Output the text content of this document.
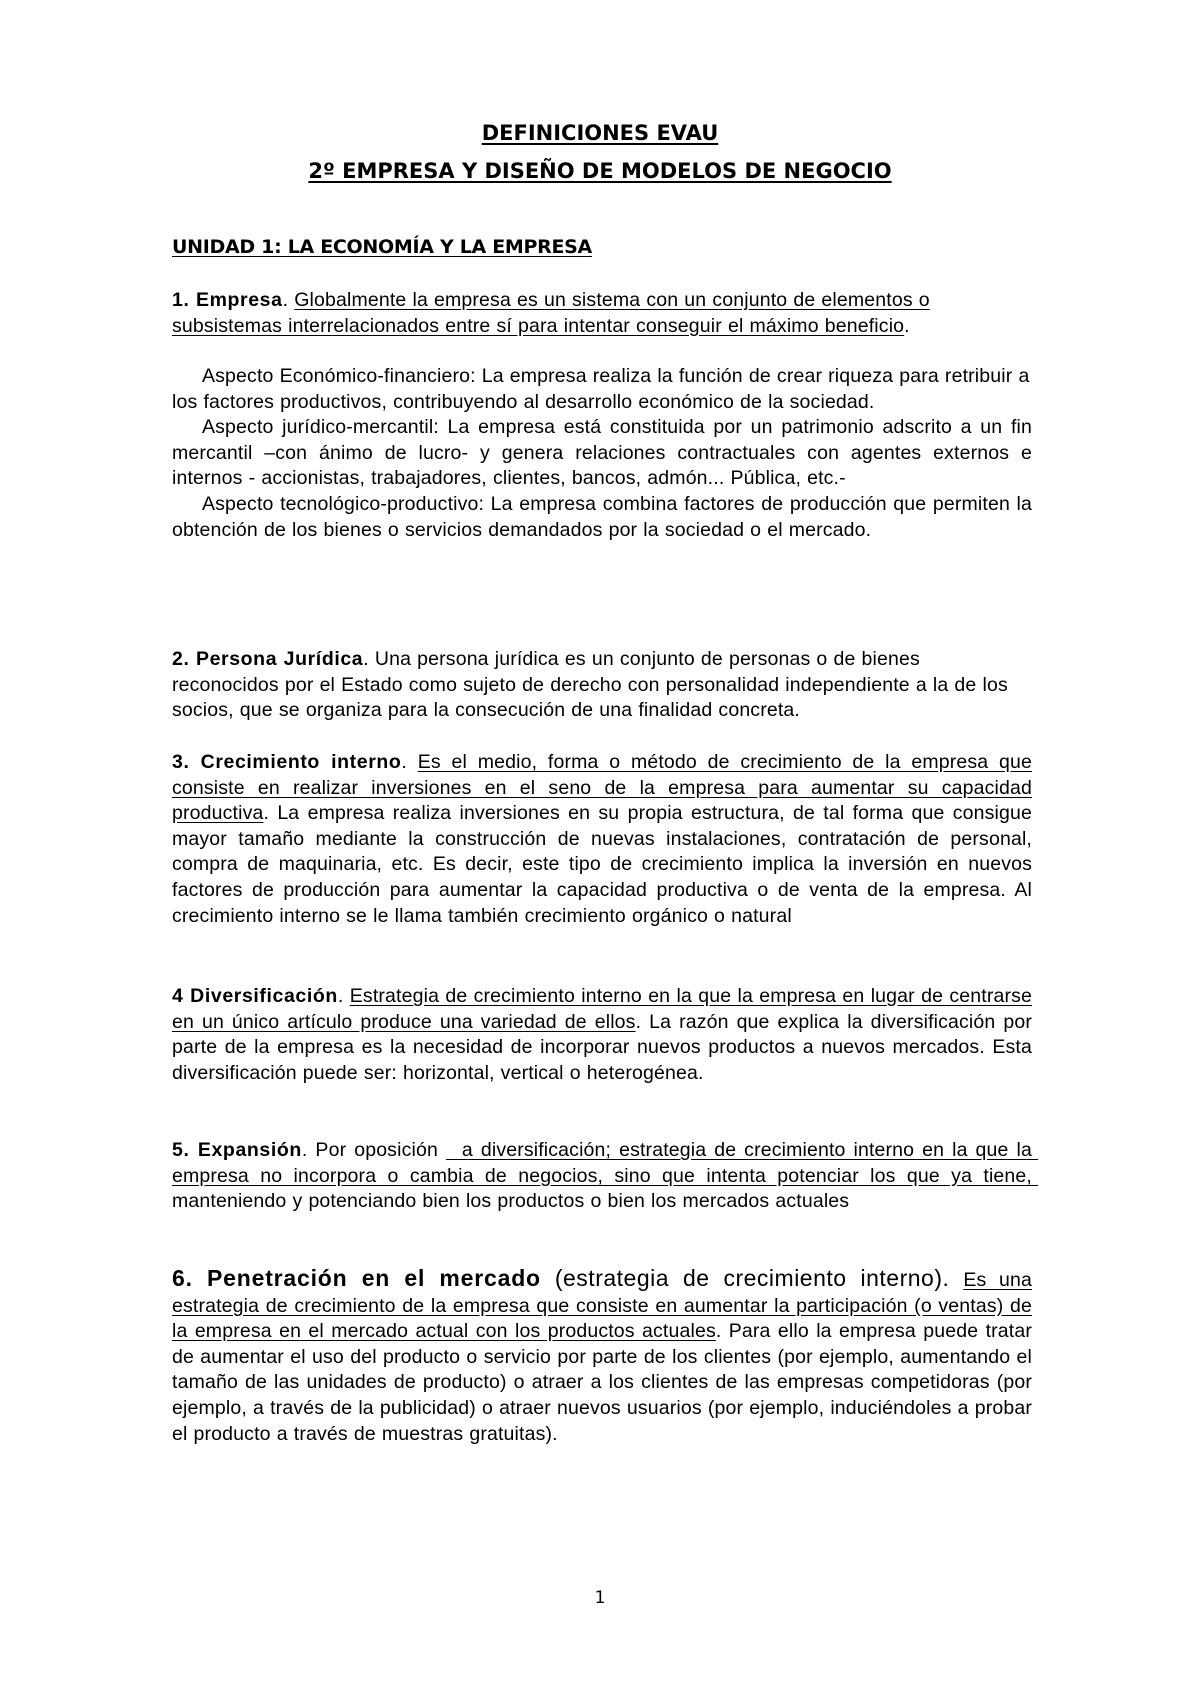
DEFINICIONES EVAU
2º EMPRESA Y DISEÑO DE MODELOS DE NEGOCIO
UNIDAD 1: LA ECONOMÍA Y LA EMPRESA
1. Empresa. Globalmente la empresa es un sistema con un conjunto de elementos o subsistemas interrelacionados entre sí para intentar conseguir el máximo beneficio.
Aspecto Económico-financiero: La empresa realiza la función de crear riqueza para retribuir a los factores productivos, contribuyendo al desarrollo económico de la sociedad.
Aspecto jurídico-mercantil: La empresa está constituida por un patrimonio adscrito a un fin mercantil –con ánimo de lucro- y genera relaciones contractuales con agentes externos e internos - accionistas, trabajadores, clientes, bancos, admón... Pública, etc.-
Aspecto tecnológico-productivo: La empresa combina factores de producción que permiten la obtención de los bienes o servicios demandados por la sociedad o el mercado.
2. Persona Jurídica. Una persona jurídica es un conjunto de personas o de bienes reconocidos por el Estado como sujeto de derecho con personalidad independiente a la de los socios, que se organiza para la consecución de una finalidad concreta.
3. Crecimiento interno. Es el medio, forma o método de crecimiento de la empresa que consiste en realizar inversiones en el seno de la empresa para aumentar su capacidad productiva. La empresa realiza inversiones en su propia estructura, de tal forma que consigue mayor tamaño mediante la construcción de nuevas instalaciones, contratación de personal, compra de maquinaria, etc. Es decir, este tipo de crecimiento implica la inversión en nuevos factores de producción para aumentar la capacidad productiva o de venta de la empresa. Al crecimiento interno se le llama también crecimiento orgánico o natural
4 Diversificación. Estrategia de crecimiento interno en la que la empresa en lugar de centrarse en un único artículo produce una variedad de ellos. La razón que explica la diversificación por parte de la empresa es la necesidad de incorporar nuevos productos a nuevos mercados. Esta diversificación puede ser: horizontal, vertical o heterogénea.
5. Expansión. Por oposición   a diversificación; estrategia de crecimiento interno en la que la empresa no incorpora o cambia de negocios, sino que intenta potenciar los que ya tiene, manteniendo y potenciando bien los productos o bien los mercados actuales
6. Penetración en el mercado (estrategia de crecimiento interno). Es una estrategia de crecimiento de la empresa que consiste en aumentar la participación (o ventas) de la empresa en el mercado actual con los productos actuales. Para ello la empresa puede tratar de aumentar el uso del producto o servicio por parte de los clientes (por ejemplo, aumentando el tamaño de las unidades de producto) o atraer a los clientes de las empresas competidoras (por ejemplo, a través de la publicidad) o atraer nuevos usuarios (por ejemplo, induciéndoles a probar el producto a través de muestras gratuitas).
1
